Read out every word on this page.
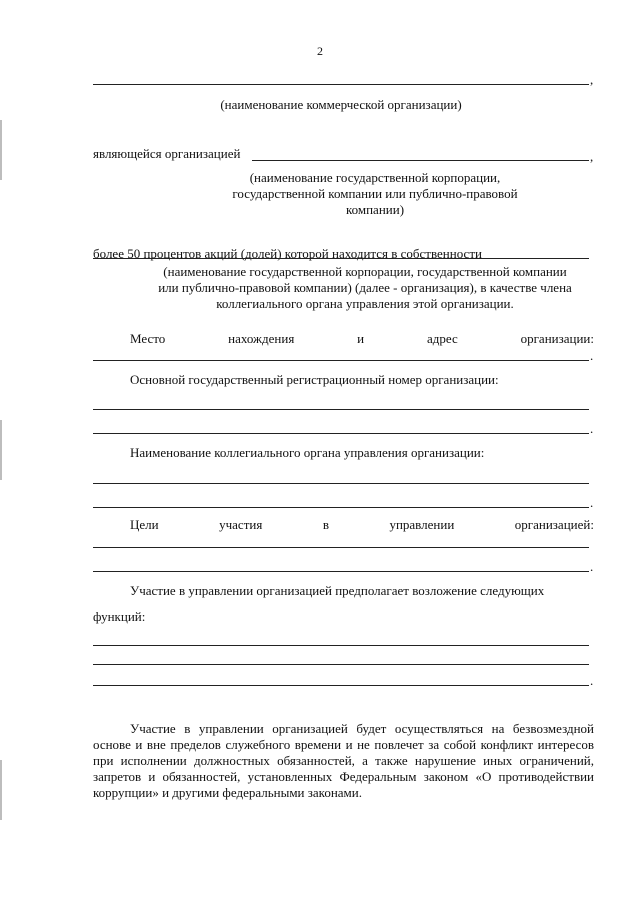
2
,
(наименование коммерческой организации)
являющейся организацией	,
(наименование государственной корпорации,
государственной компании или публично-правовой
компании)
более 50 процентов акций (долей) которой находится в собственности
(наименование государственной корпорации, государственной компании
или публично-правовой компании) (далее - организация), в качестве члена
коллегиального органа управления этой организации.
Место	нахождения	и	адрес	организации:
.
Основной государственный регистрационный номер организации:
.
Наименование коллегиального органа управления организации:
.
Цели	участия	в	управлении	организацией:
.
Участие в управлении организацией предполагает возложение следующих
функций:
.
Участие в управлении организацией будет осуществляться на безвозмездной основе и вне пределов служебного времени и не повлечет за собой конфликт интересов при исполнении должностных обязанностей, а также нарушение иных ограничений, запретов и обязанностей, установленных Федеральным законом «О противодействии коррупции» и другими федеральными законами.
